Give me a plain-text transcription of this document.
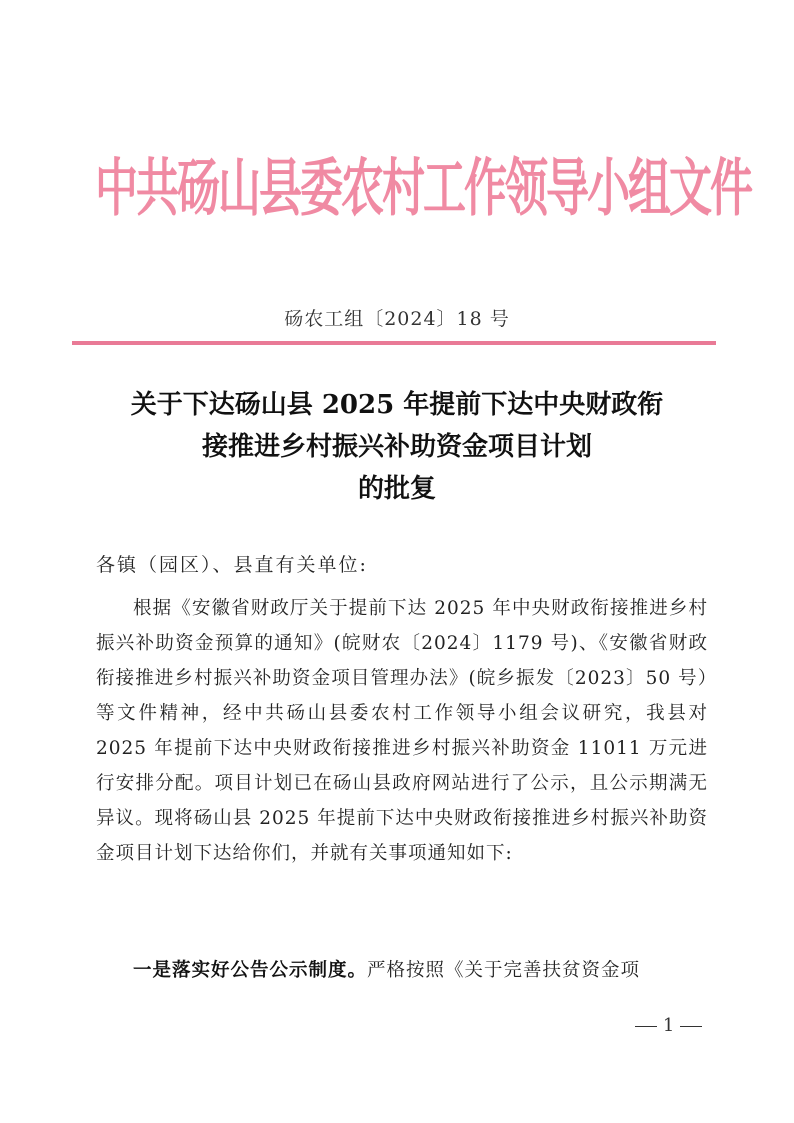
中共砀山县委农村工作领导小组文件
砀农工组〔2024〕18 号
关于下达砀山县 2025 年提前下达中央财政衔
接推进乡村振兴补助资金项目计划
的批复
各镇（园区）、县直有关单位:

根据《安徽省财政厅关于提前下达 2025 年中央财政衔接推进乡村振兴补助资金预算的通知》(皖财农〔2024〕1179 号)、《安徽省财政衔接推进乡村振兴补助资金项目管理办法》(皖乡振发〔2023〕50 号）等文件精神，经中共砀山县委农村工作领导小组会议研究，我县对 2025 年提前下达中央财政衔接推进乡村振兴补助资金 11011 万元进行安排分配。项目计划已在砀山县政府网站进行了公示，且公示期满无异议。现将砀山县 2025 年提前下达中央财政衔接推进乡村振兴补助资金项目计划下达给你们，并就有关事项通知如下:

一是落实好公告公示制度。严格按照《关于完善扶贫资金项
1
